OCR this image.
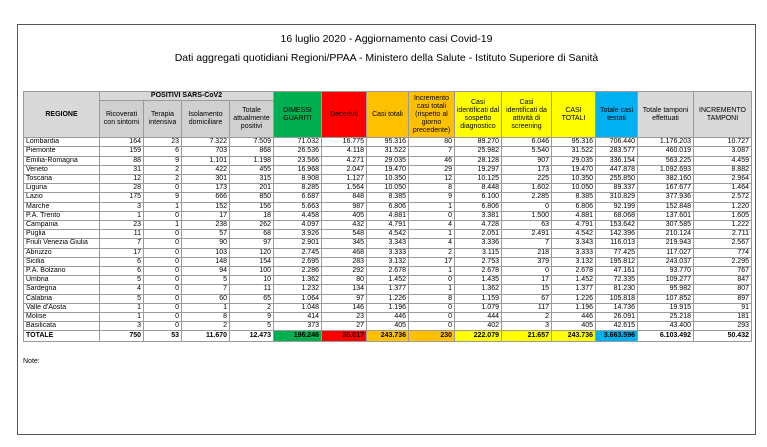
16 luglio 2020 - Aggiornamento casi Covid-19
Dati aggregati quotidiani Regioni/PPAA - Ministero della Salute - Istituto Superiore di Sanità
REGIONE	POSITIVI SARS-CoV2				DIMESSI GUARITI	Deceduti	Casi totali	Incremento casi totali (rispetto al giorno precedente)	Casi identificati dal sospetto diagnostico	Casi identificati da attività di screening	CASI TOTALI	Totale casi testati	Totale tamponi effettuati	INCREMENTO TAMPONI
	Ricoverati con sintomi	Terapia intensiva	Isolamento domiciliare	Totale attualmente positivi										
Lombardia	164	23	7.322	7.509	71.032	16.775	95.316	80	89.270	6.046	95.316	706.440	1.176.203	10.727
Piemonte	159	6	703	868	26.536	4.118	31.522	7	25.982	5.540	31.522	283.577	460.019	3.087
Emilia-Romagna	88	9	1.101	1.198	23.566	4.271	29.035	46	28.128	907	29.035	336.154	563.225	4.459
Veneto	31	2	422	455	16.968	2.047	19.470	29	19.297	173	19.470	447.878	1.092.693	8.882
Toscana	12	2	301	315	8.908	1.127	10.350	12	10.125	225	10.350	255.850	382.160	2.964
Liguria	28	0	173	201	8.285	1.564	10.050	8	8.448	1.602	10.050	89.337	167.677	1.464
Lazio	175	9	666	850	6.687	848	8.385	9	6.100	2.285	8.385	310.829	377.936	2.572
Marche	3	1	152	156	5.663	987	6.806	1	6.806	0	6.806	92.199	152.848	1.220
P.A. Trento	1	0	17	18	4.458	405	4.881	0	3.381	1.500	4.881	68.068	137.601	1.605
Campania	23	1	238	262	4.097	432	4.791	4	4.728	63	4.791	153.642	307.585	1.222
Puglia	11	0	57	68	3.926	548	4.542	1	2.051	2.491	4.542	142.396	210.124	2.711
Friuli Venezia Giulia	7	0	90	97	2.901	345	3.343	4	3.336	7	3.343	116.013	219.943	2.567
Abruzzo	17	0	103	120	2.745	468	3.333	2	3.115	218	3.333	77.425	117.027	774
Sicilia	6	0	148	154	2.695	283	3.132	17	2.753	379	3.132	195.812	243.037	2.295
P.A. Bolzano	6	0	94	100	2.286	292	2.678	1	2.678	0	2.678	47.161	93.770	767
Umbria	5	0	5	10	1.362	80	1.452	0	1.435	17	1.452	72.335	109.277	847
Sardegna	4	0	7	11	1.232	134	1.377	1	1.362	15	1.377	81.230	95.982	807
Calabria	5	0	60	65	1.064	97	1.226	8	1.159	67	1.226	105.818	107.852	897
Valle d'Aosta	1	0	1	2	1.048	146	1.196	0	1.079	117	1.196	14.736	19.915	91
Molise	1	0	8	9	414	23	446	0	444	2	446	26.091	25.218	181
Basilicata	3	0	2	5	373	27	405	0	402	3	405	42.615	43.400	293
TOTALE	750	53	11.670	12.473	196.246	35.017	243.736	230	222.079	21.657	243.736	3.663.596	6.103.492	50.432
Note:
